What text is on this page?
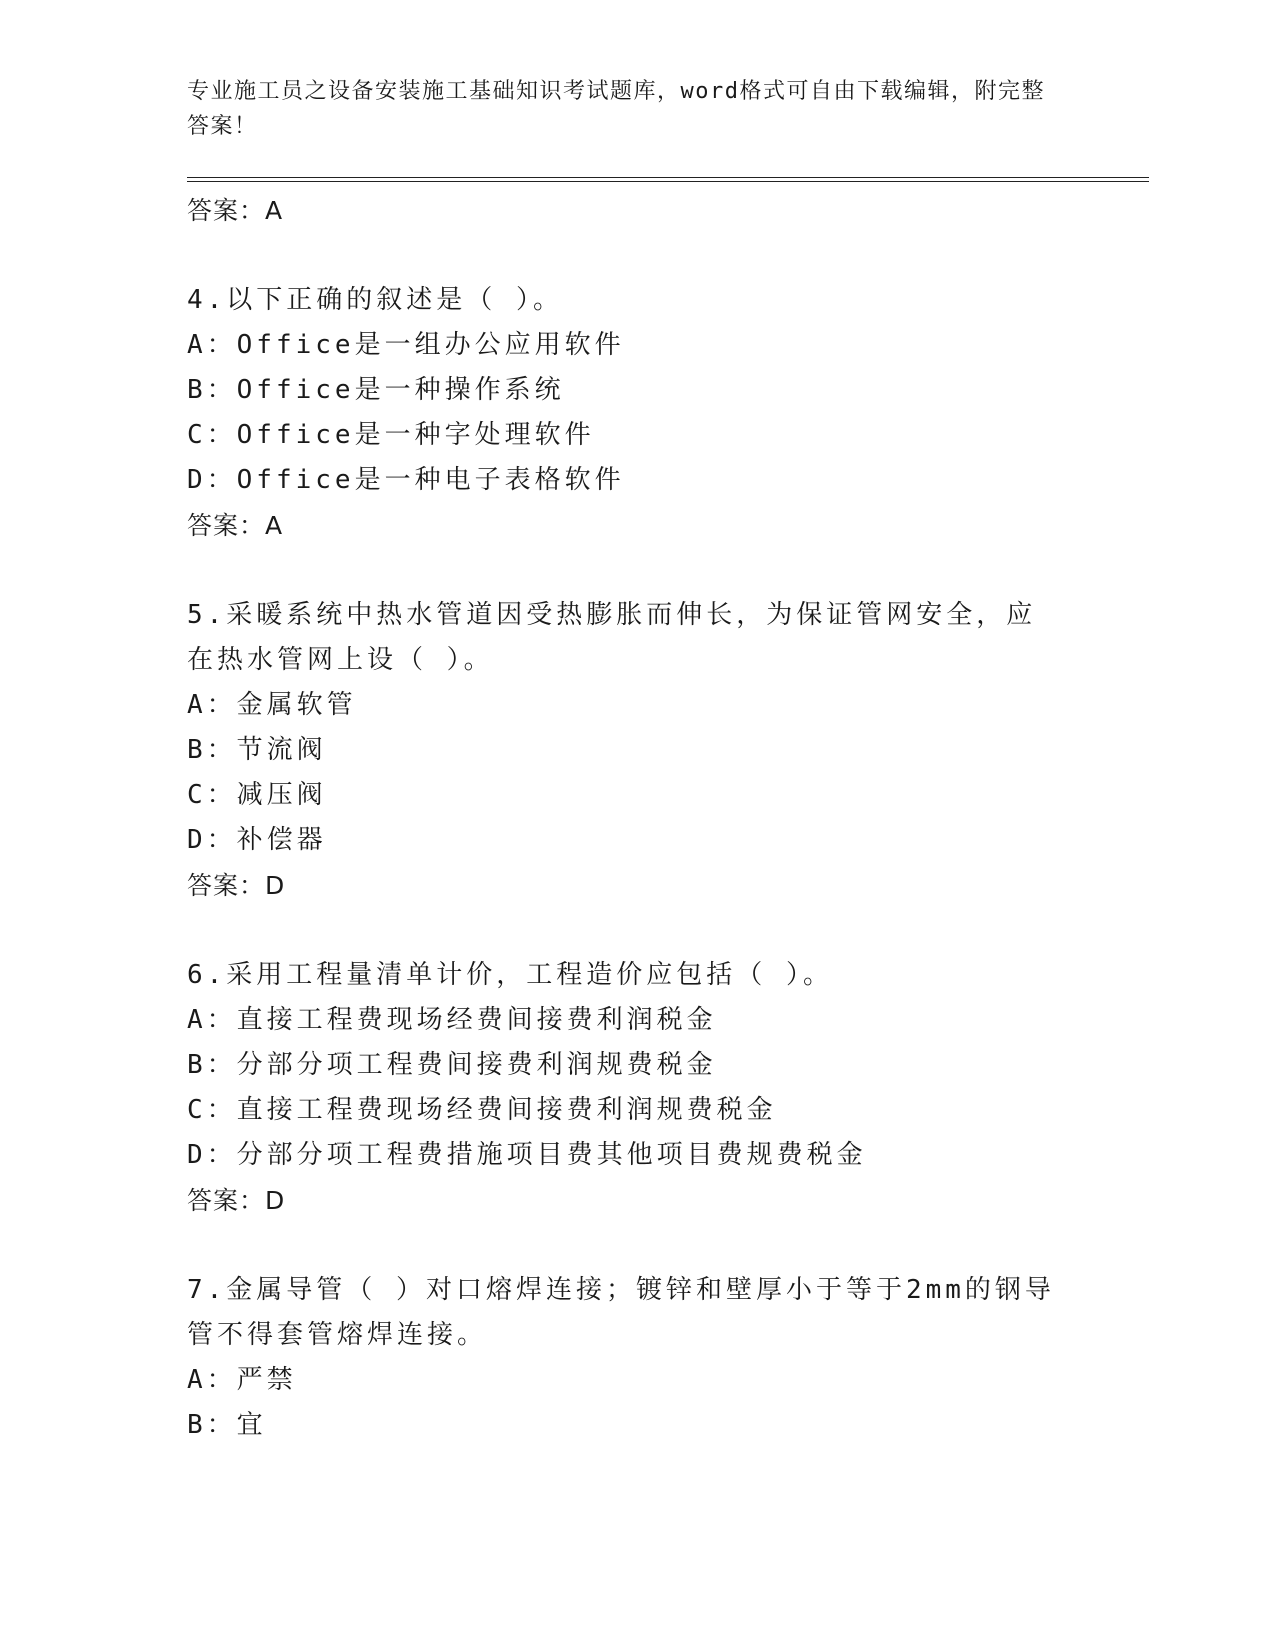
专业施工员之设备安装施工基础知识考试题库，word格式可自由下载编辑，附完整答案！
答案：A
4.以下正确的叙述是（ ）。
A：Office是一组办公应用软件
B：Office是一种操作系统
C：Office是一种字处理软件
D：Office是一种电子表格软件
答案：A
5.采暖系统中热水管道因受热膨胀而伸长，为保证管网安全，应在热水管网上设（ ）。
A：金属软管
B：节流阀
C：减压阀
D：补偿器
答案：D
6.采用工程量清单计价，工程造价应包括（ ）。
A：直接工程费现场经费间接费利润税金
B：分部分项工程费间接费利润规费税金
C：直接工程费现场经费间接费利润规费税金
D：分部分项工程费措施项目费其他项目费规费税金
答案：D
7.金属导管（ ）对口熔焊连接；镀锌和壁厚小于等于2mm的钢导管不得套管熔焊连接。
A：严禁
B：宜
